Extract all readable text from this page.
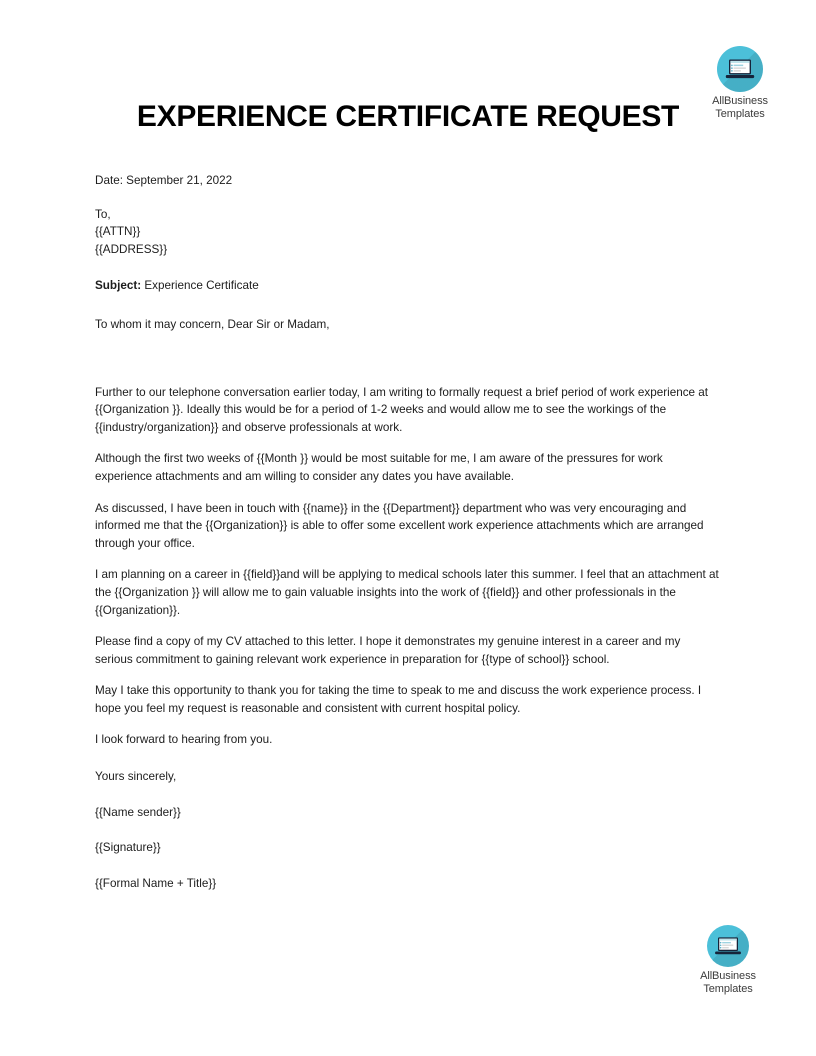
AllBusiness
Templates
EXPERIENCE CERTIFICATE REQUEST

Date: September 21, 2022

To,
{{ATTN}}
{{ADDRESS}}

Subject: Experience Certificate

To whom it may concern, Dear Sir or Madam,

Further to our telephone conversation earlier today, I am writing to formally request a brief period of work experience at {{Organization }}. Ideally this would be for a period of 1-2 weeks and would allow me to see the workings of the {{industry/organization}} and observe professionals at work.

Although the first two weeks of {{Month }} would be most suitable for me, I am aware of the pressures for work experience attachments and am willing to consider any dates you have available.

As discussed, I have been in touch with {{name}} in the {{Department}} department who was very encouraging and informed me that the {{Organization}} is able to offer some excellent work experience attachments which are arranged through your office.

I am planning on a career in {{field}}and will be applying to medical schools later this summer. I feel that an attachment at the {{Organization }} will allow me to gain valuable insights into the work of {{field}} and other professionals in the {{Organization}}.

Please find a copy of my CV attached to this letter. I hope it demonstrates my genuine interest in a career and my serious commitment to gaining relevant work experience in preparation for {{type of school}} school.

May I take this opportunity to thank you for taking the time to speak to me and discuss the work experience process. I hope you feel my request is reasonable and consistent with current hospital policy.

I look forward to hearing from you.

Yours sincerely,

{{Name sender}}

{{Signature}}

{{Formal Name + Title}}

AllBusiness
Templates
